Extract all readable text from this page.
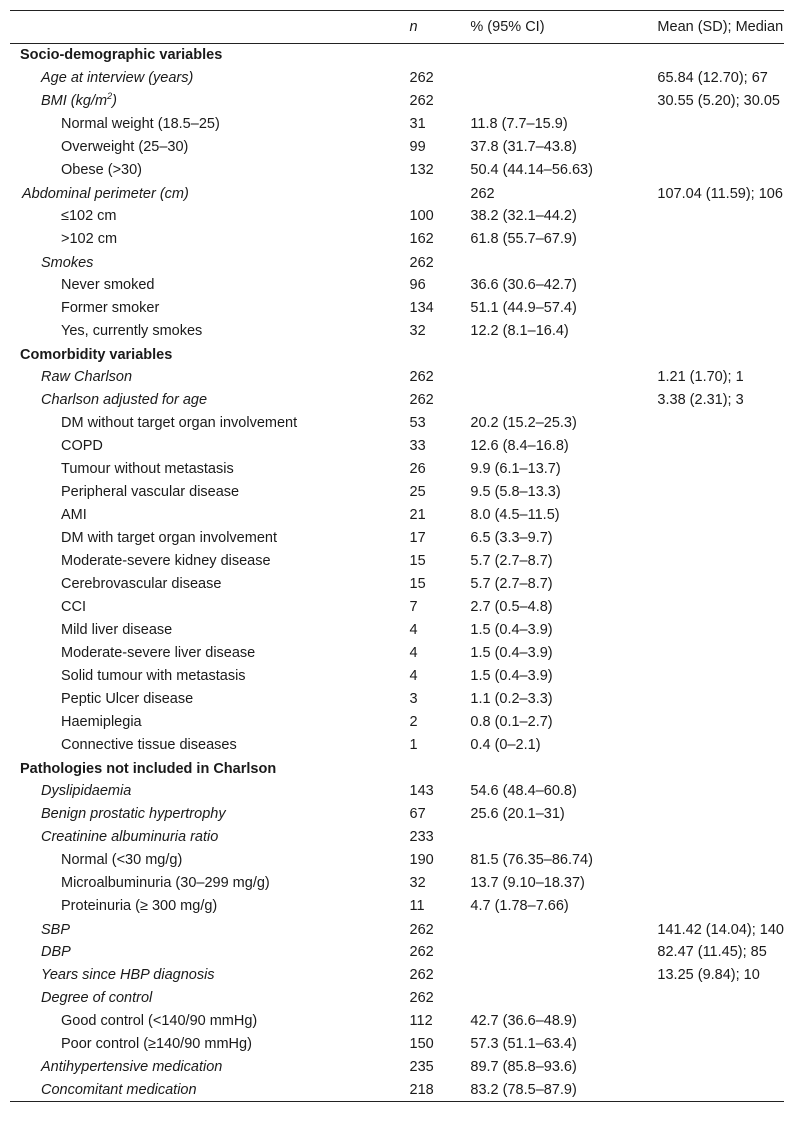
	n	% (95% CI)	Mean (SD); Median
Socio-demographic variables			
Age at interview (years)	262		65.84 (12.70); 67
BMI $(kg/m^2)$	262		30.55 (5.20); 30.05
Normal weight (18.5–25)	31	11.8 (7.7–15.9)	
Overweight (25–30)	99	37.8 (31.7–43.8)	
Obese (>30)	132	50.4 (44.14–56.63)	
Abdominal perimeter (cm)		262	107.04 (11.59); 106
≤102 cm	100	38.2 (32.1–44.2)	
>102 cm	162	61.8 (55.7–67.9)	
Smokes	262		
Never smoked	96	36.6 (30.6–42.7)	
Former smoker	134	51.1 (44.9–57.4)	
Yes, currently smokes	32	12.2 (8.1–16.4)	
Comorbidity variables			
Raw Charlson	262		1.21 (1.70); 1
Charlson adjusted for age	262		3.38 (2.31); 3
DM without target organ involvement	53	20.2 (15.2–25.3)	
COPD	33	12.6 (8.4–16.8)	
Tumour without metastasis	26	9.9 (6.1–13.7)	
Peripheral vascular disease	25	9.5 (5.8–13.3)	
AMI	21	8.0 (4.5–11.5)	
DM with target organ involvement	17	6.5 (3.3–9.7)	
Moderate-severe kidney disease	15	5.7 (2.7–8.7)	
Cerebrovascular disease	15	5.7 (2.7–8.7)	
CCI	7	2.7 (0.5–4.8)	
Mild liver disease	4	1.5 (0.4–3.9)	
Moderate-severe liver disease	4	1.5 (0.4–3.9)	
Solid tumour with metastasis	4	1.5 (0.4–3.9)	
Peptic Ulcer disease	3	1.1 (0.2–3.3)	
Haemiplegia	2	0.8 (0.1–2.7)	
Connective tissue diseases	1	0.4 (0–2.1)	
Pathologies not included in Charlson			
Dyslipidaemia	143	54.6 (48.4–60.8)	
Benign prostatic hypertrophy	67	25.6 (20.1–31)	
Creatinine albuminuria ratio	233		
Normal (<30 mg/g)	190	81.5 (76.35–86.74)	
Microalbuminuria (30–299 mg/g)	32	13.7 (9.10–18.37)	
Proteinuria (≥ 300 mg/g)	11	4.7 (1.78–7.66)	
SBP	262		141.42 (14.04); 140
DBP	262		82.47 (11.45); 85
Years since HBP diagnosis	262		13.25 (9.84); 10
Degree of control	262		
Good control (<140/90 mmHg)	112	42.7 (36.6–48.9)	
Poor control (≥140/90 mmHg)	150	57.3 (51.1–63.4)	
Antihypertensive medication	235	89.7 (85.8–93.6)	
Concomitant medication	218	83.2 (78.5–87.9)	
